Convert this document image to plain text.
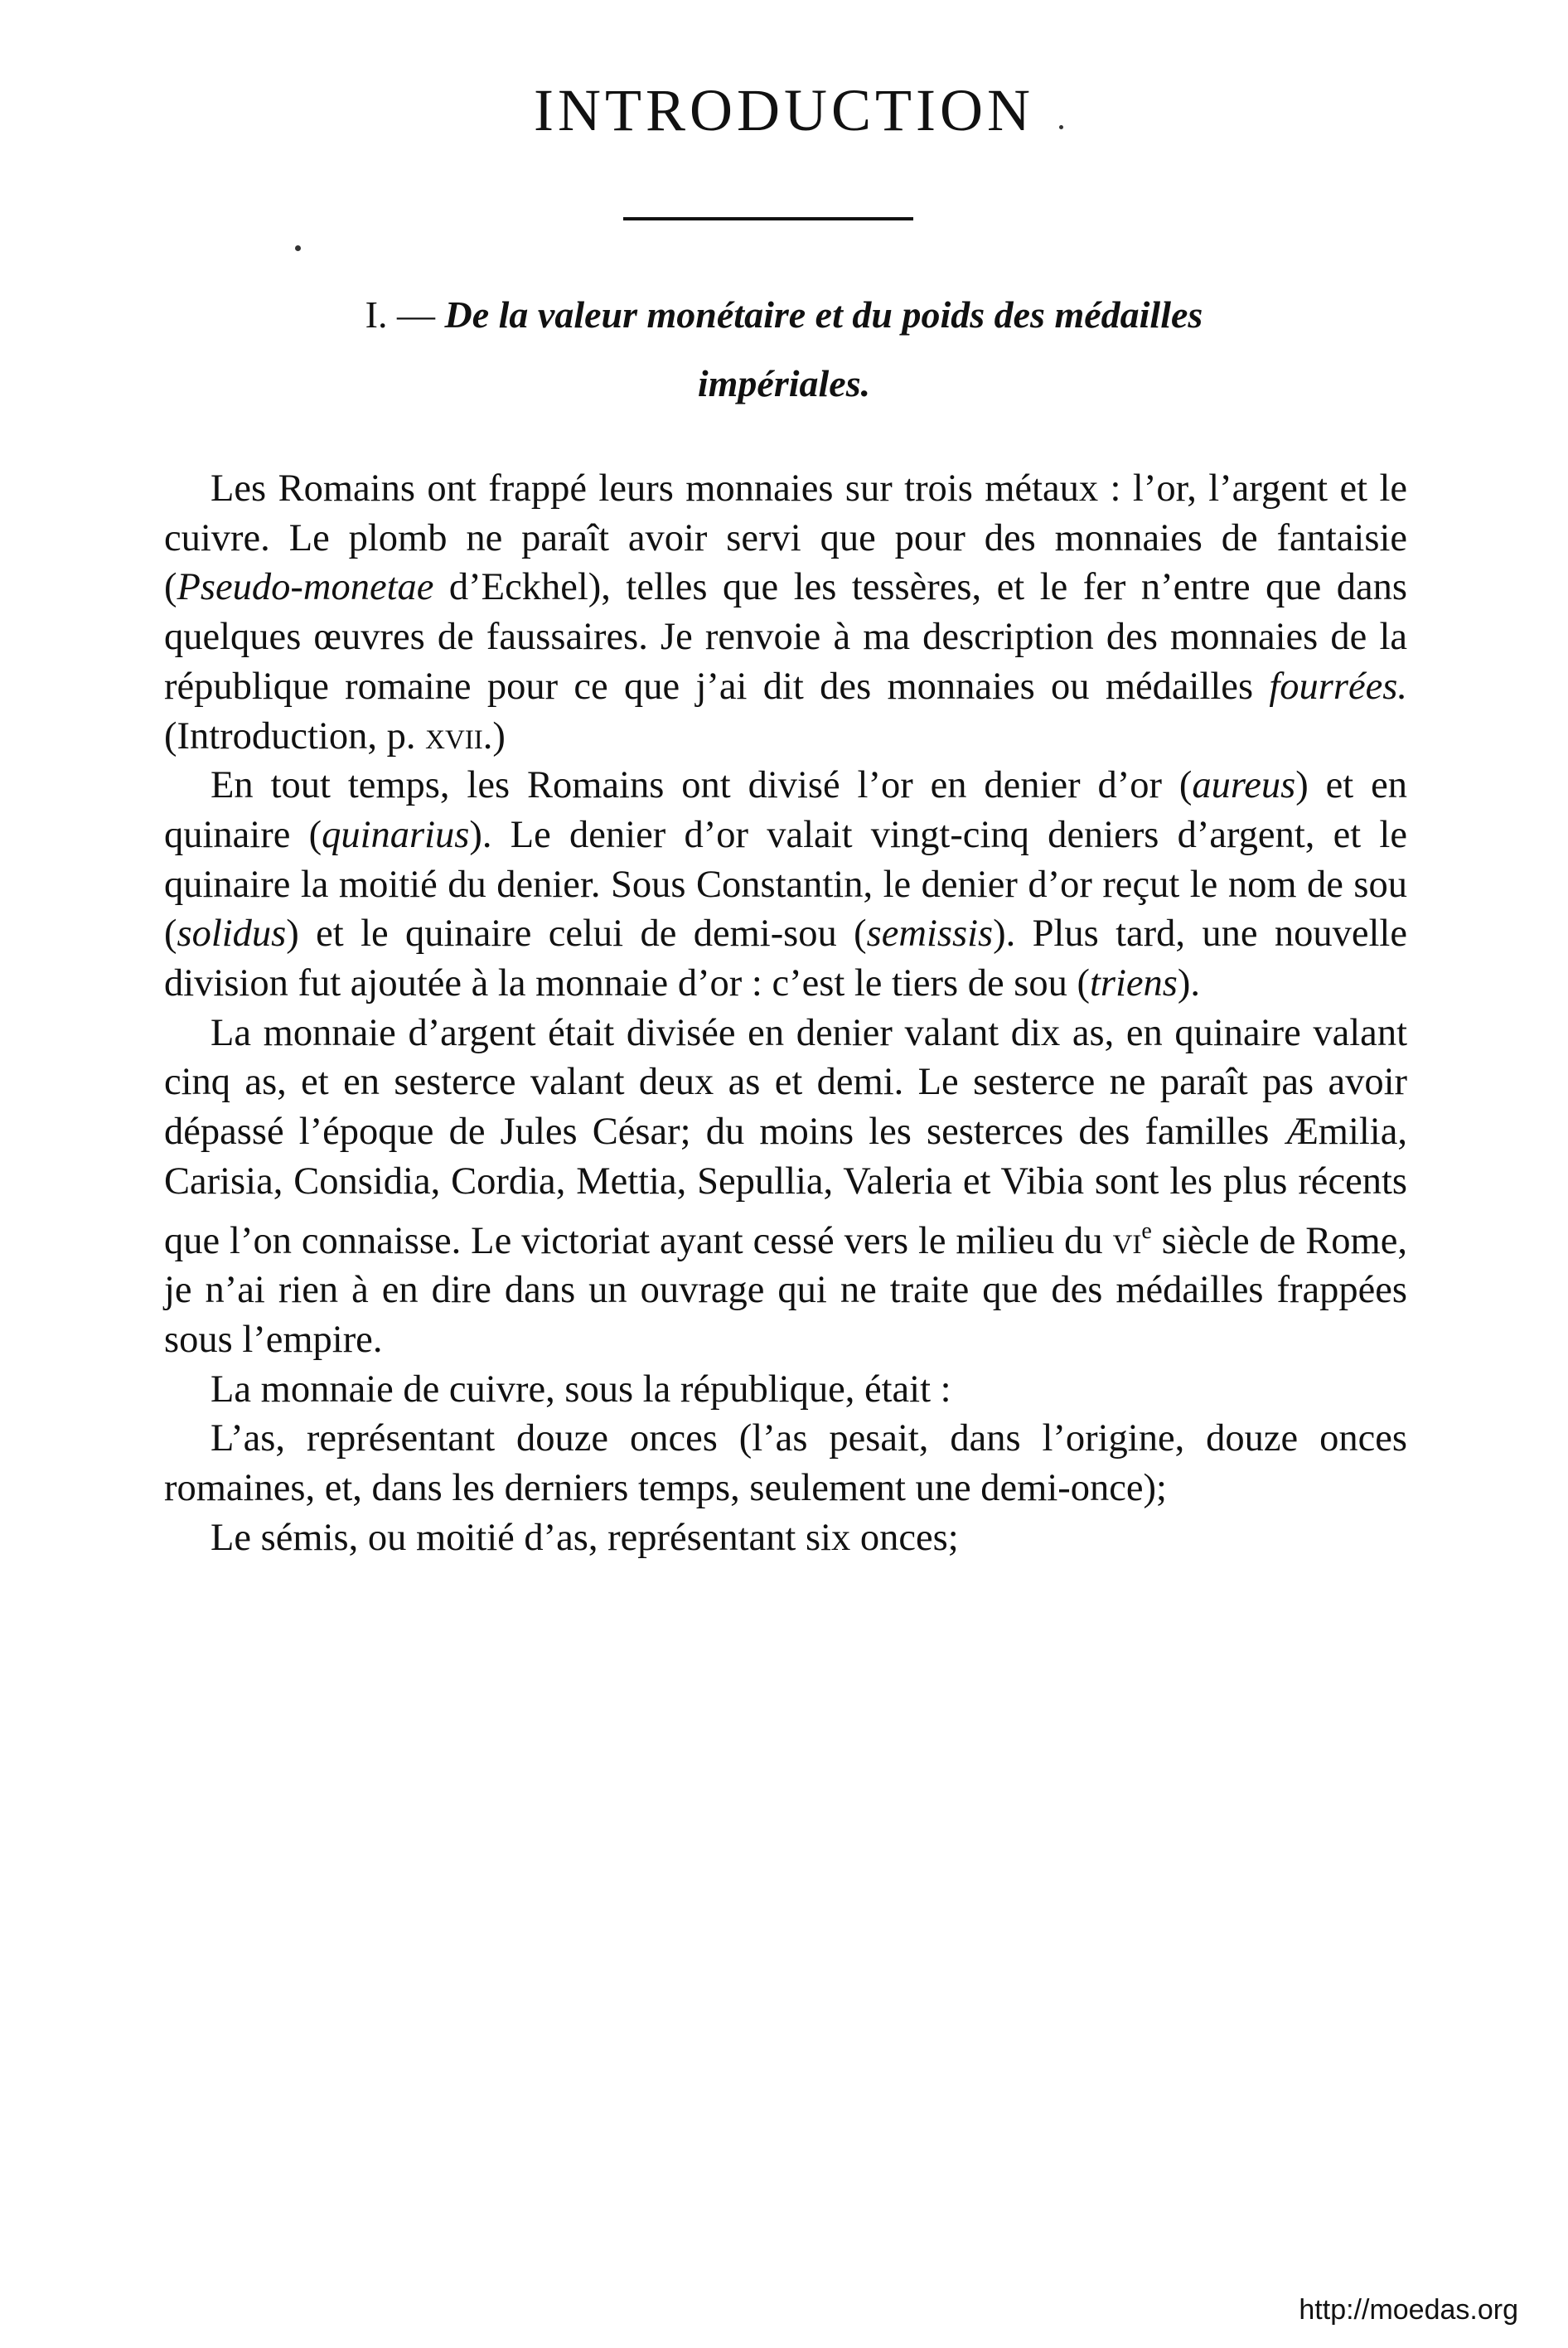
INTRODUCTION
I. — De la valeur monétaire et du poids des médailles
impériales.

Les Romains ont frappé leurs monnaies sur trois métaux : l’or, l’argent et le cuivre. Le plomb ne paraît avoir servi que pour des monnaies de fantaisie (Pseudo-monetae d’Eckhel), telles que les tessères, et le fer n’entre que dans quelques œuvres de faussaires. Je renvoie à ma description des monnaies de la république romaine pour ce que j’ai dit des monnaies ou médailles fourrées. (Introduction, p. xvii.)

En tout temps, les Romains ont divisé l’or en denier d’or (aureus) et en quinaire (quinarius). Le denier d’or valait vingt-cinq deniers d’argent, et le quinaire la moitié du denier. Sous Constantin, le denier d’or reçut le nom de sou (solidus) et le quinaire celui de demi-sou (semissis). Plus tard, une nouvelle division fut ajoutée à la monnaie d’or : c’est le tiers de sou (triens).

La monnaie d’argent était divisée en denier valant dix as, en quinaire valant cinq as, et en sesterce valant deux as et demi. Le sesterce ne paraît pas avoir dépassé l’époque de Jules César; du moins les sesterces des familles Æmilia, Carisia, Considia, Cordia, Mettia, Sepullia, Valeria et Vibia sont les plus récents que l’on connaisse. Le victoriat ayant cessé vers le milieu du $vi^e$ siècle de Rome, je n’ai rien à en dire dans un ouvrage qui ne traite que des médailles frappées sous l’empire.

La monnaie de cuivre, sous la république, était :

L’as, représentant douze onces (l’as pesait, dans l’origine, douze onces romaines, et, dans les derniers temps, seulement une demi-once);

Le sémis, ou moitié d’as, représentant six onces;

http://moedas.org
